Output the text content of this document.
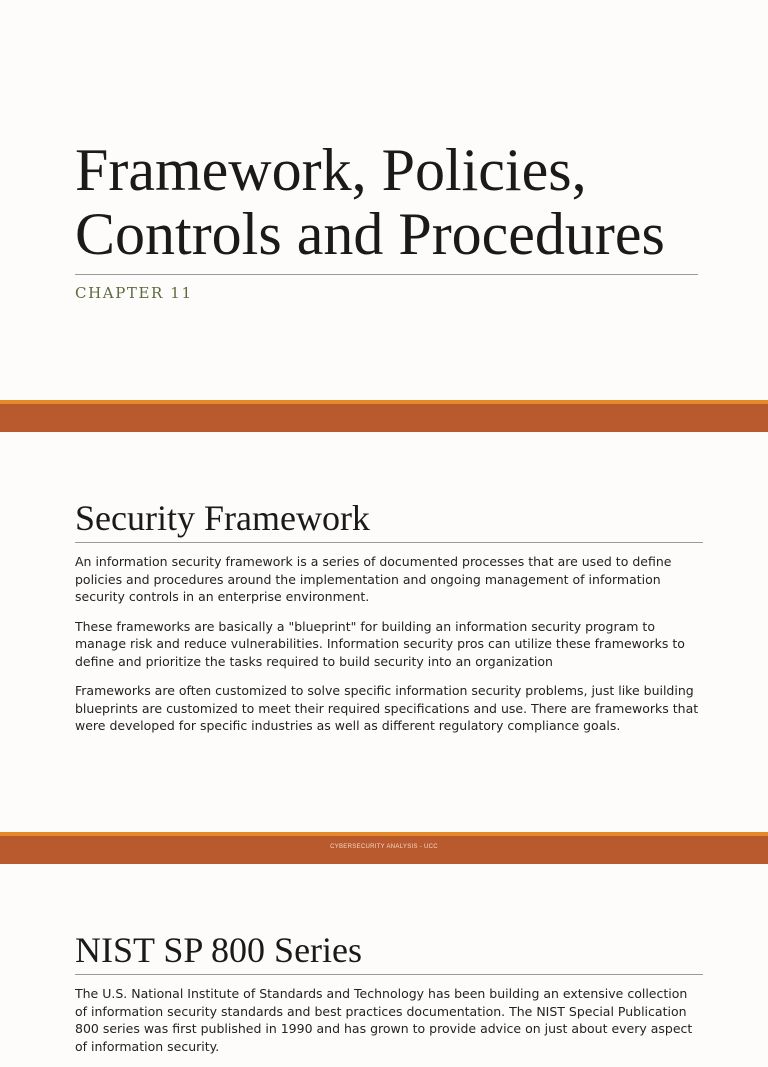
Framework, Policies, Controls and Procedures
CHAPTER 11
Security Framework

An information security framework is a series of documented processes that are used to define policies and procedures around the implementation and ongoing management of information security controls in an enterprise environment.

These frameworks are basically a "blueprint" for building an information security program to manage risk and reduce vulnerabilities. Information security pros can utilize these frameworks to define and prioritize the tasks required to build security into an organization

Frameworks are often customized to solve specific information security problems, just like building blueprints are customized to meet their required specifications and use. There are frameworks that were developed for specific industries as well as different regulatory compliance goals.

CYBERSECURITY ANALYSIS - UCC
NIST SP 800 Series

The U.S. National Institute of Standards and Technology has been building an extensive collection of information security standards and best practices documentation. The NIST Special Publication 800 series was first published in 1990 and has grown to provide advice on just about every aspect of information security.
